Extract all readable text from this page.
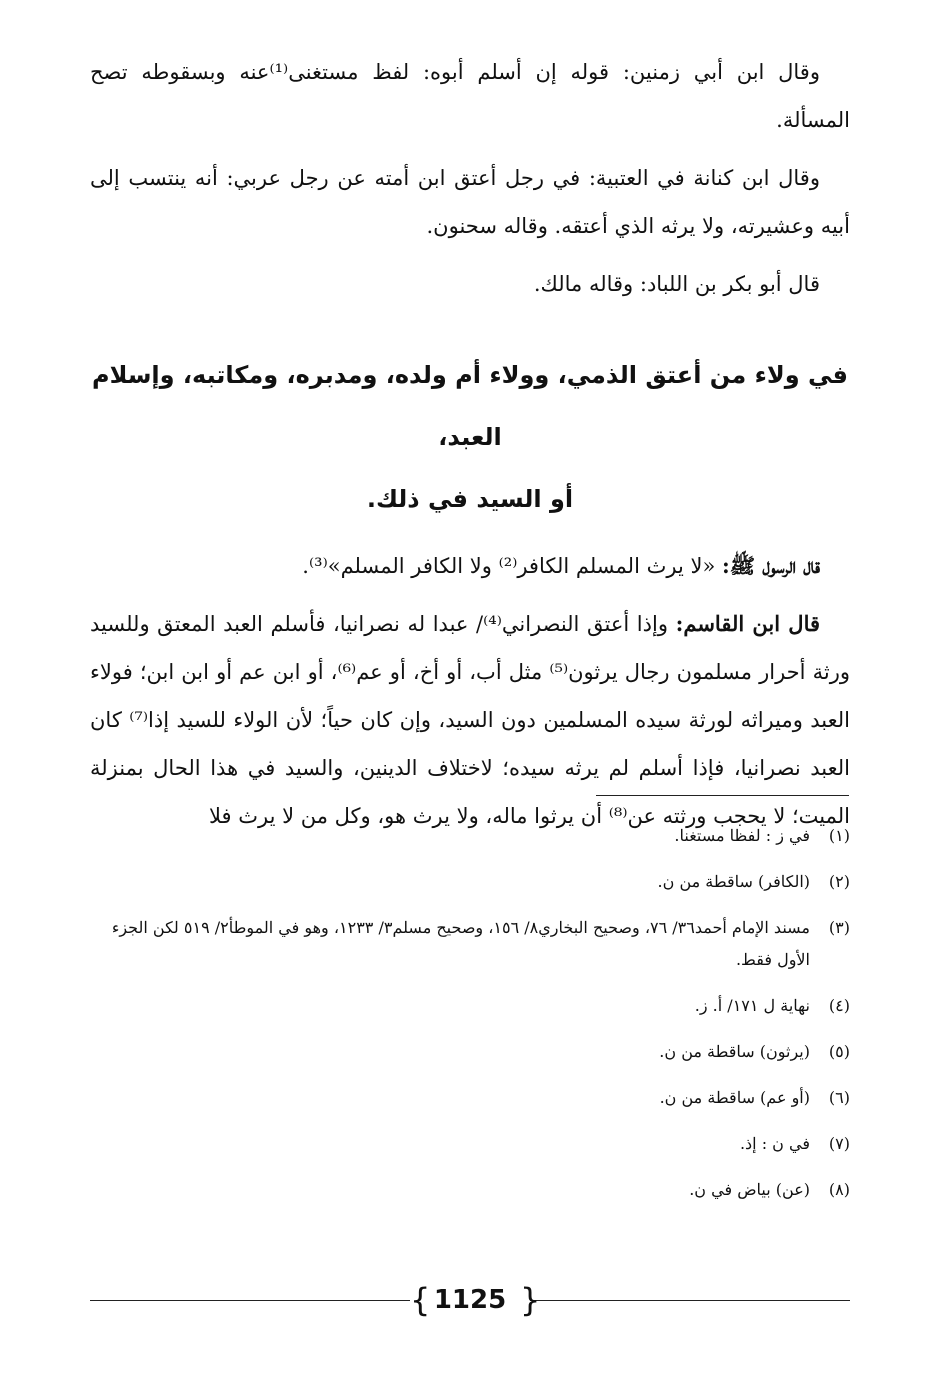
وقال ابن أبي زمنين: قوله إن أسلم أبوه: لفظ مستغنى⁽¹⁾عنه وبسقوطه تصح المسألة.

وقال ابن كنانة في العتبية: في رجل أعتق ابن أمته عن رجل عربي: أنه ينتسب إلى أبيه وعشيرته، ولا يرثه الذي أعتقه. وقاله سحنون.

قال أبو بكر بن اللباد: وقاله مالك.

في ولاء من أعتق الذمي، وولاء أم ولده، ومدبره، ومكاتبه، وإسلام العبد،
أو السيد في ذلك.

قال الرسول ﷺ: «لا يرث المسلم الكافر⁽²⁾ ولا الكافر المسلم»⁽³⁾.

قال ابن القاسم: وإذا أعتق النصراني⁽⁴⁾/ عبدا له نصرانيا، فأسلم العبد المعتق وللسيد ورثة أحرار مسلمون رجال يرثون⁽⁵⁾ مثل أب، أو أخ، أو عم⁽⁶⁾، أو ابن عم أو ابن ابن؛ فولاء العبد وميراثه لورثة سيده المسلمين دون السيد، وإن كان حياً؛ لأن الولاء للسيد إذا⁽⁷⁾ كان العبد نصرانيا، فإذا أسلم لم يرثه سيده؛ لاختلاف الدينين، والسيد في هذا الحال بمنزلة الميت؛ لا يحجب ورثته عن⁽⁸⁾ أن يرثوا ماله، ولا يرث هو، وكل من لا يرث فلا

(١)
في ز : لفظا مستغنا.
(٢)
(الكافر) ساقطة من ن.
(٣)
مسند الإمام أحمد٣٦/ ٧٦، وصحيح البخاري٨/ ١٥٦، وصحيح مسلم٣/ ١٢٣٣، وهو في الموطأ٢/ ٥١٩ لكن الجزء الأول فقط.
(٤)
نهاية ل ١٧١/ أ. ز.
(٥)
(يرثون) ساقطة من ن.
(٦)
(أو عم) ساقطة من ن.
(٧)
في ن : إذ.
(٨)
(عن) بياض في ن.
{ 1125 }
